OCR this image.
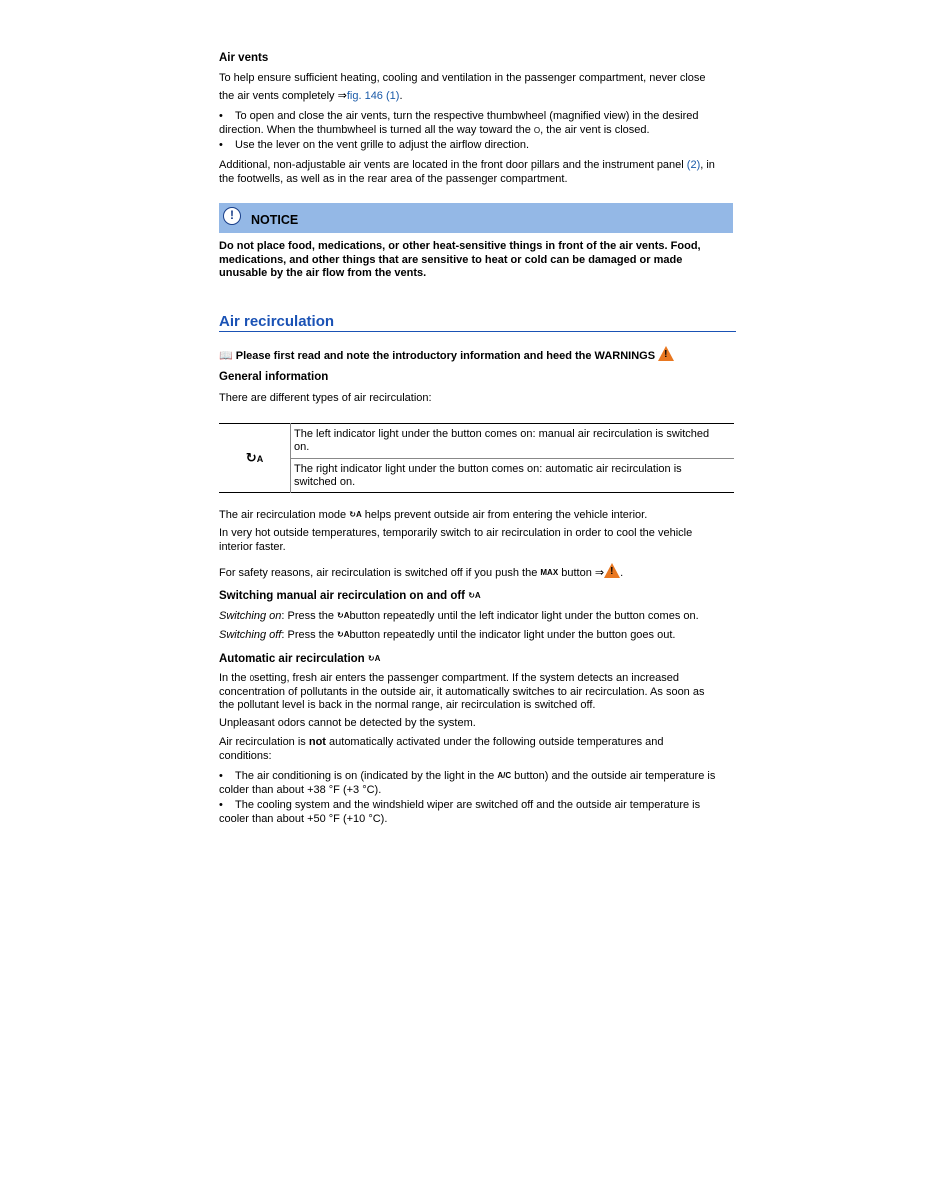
Air vents

To help ensure sufficient heating, cooling and ventilation in the passenger compartment, never close

the air vents completely ⇒fig. 146 (1).

• To open and close the air vents, turn the respective thumbwheel (magnified view) in the desired

direction. When the thumbwheel is turned all the way toward the O, the air vent is closed.

• Use the lever on the vent grille to adjust the airflow direction.

Additional, non-adjustable air vents are located in the front door pillars and the instrument panel (2), in

the footwells, as well as in the rear area of the passenger compartment.

!	NOTICE

Do not place food, medications, or other heat-sensitive things in front of the air vents. Food,

medications, and other things that are sensitive to heat or cold can be damaged or made

unusable by the air flow from the vents.

Air recirculation

📖 Please first read and note the introductory information and heed the WARNINGS !

General information

There are different types of air recirculation:

↻A	The left indicator light under the button comes on: manual air recirculation is switched
on.
The right indicator light under the button comes on: automatic air recirculation is
switched on.

The air recirculation mode ↻A helps prevent outside air from entering the vehicle interior.

In very hot outside temperatures, temporarily switch to air recirculation in order to cool the vehicle

interior faster.

For safety reasons, air recirculation is switched off if you push the MAX button ⇒! .

Switching manual air recirculation on and off ↻A

Switching on: Press the ↻Abutton repeatedly until the left indicator light under the button comes on.

Switching off: Press the ↻Abutton repeatedly until the indicator light under the button goes out.

Automatic air recirculation ↻A

In the 0setting, fresh air enters the passenger compartment. If the system detects an increased

concentration of pollutants in the outside air, it automatically switches to air recirculation. As soon as

the pollutant level is back in the normal range, air recirculation is switched off.

Unpleasant odors cannot be detected by the system.

Air recirculation is not automatically activated under the following outside temperatures and

conditions:

• The air conditioning is on (indicated by the light in the A/C button) and the outside air temperature is

colder than about +38 °F (+3 °C).

• The cooling system and the windshield wiper are switched off and the outside air temperature is

cooler than about +50 °F (+10 °C).
